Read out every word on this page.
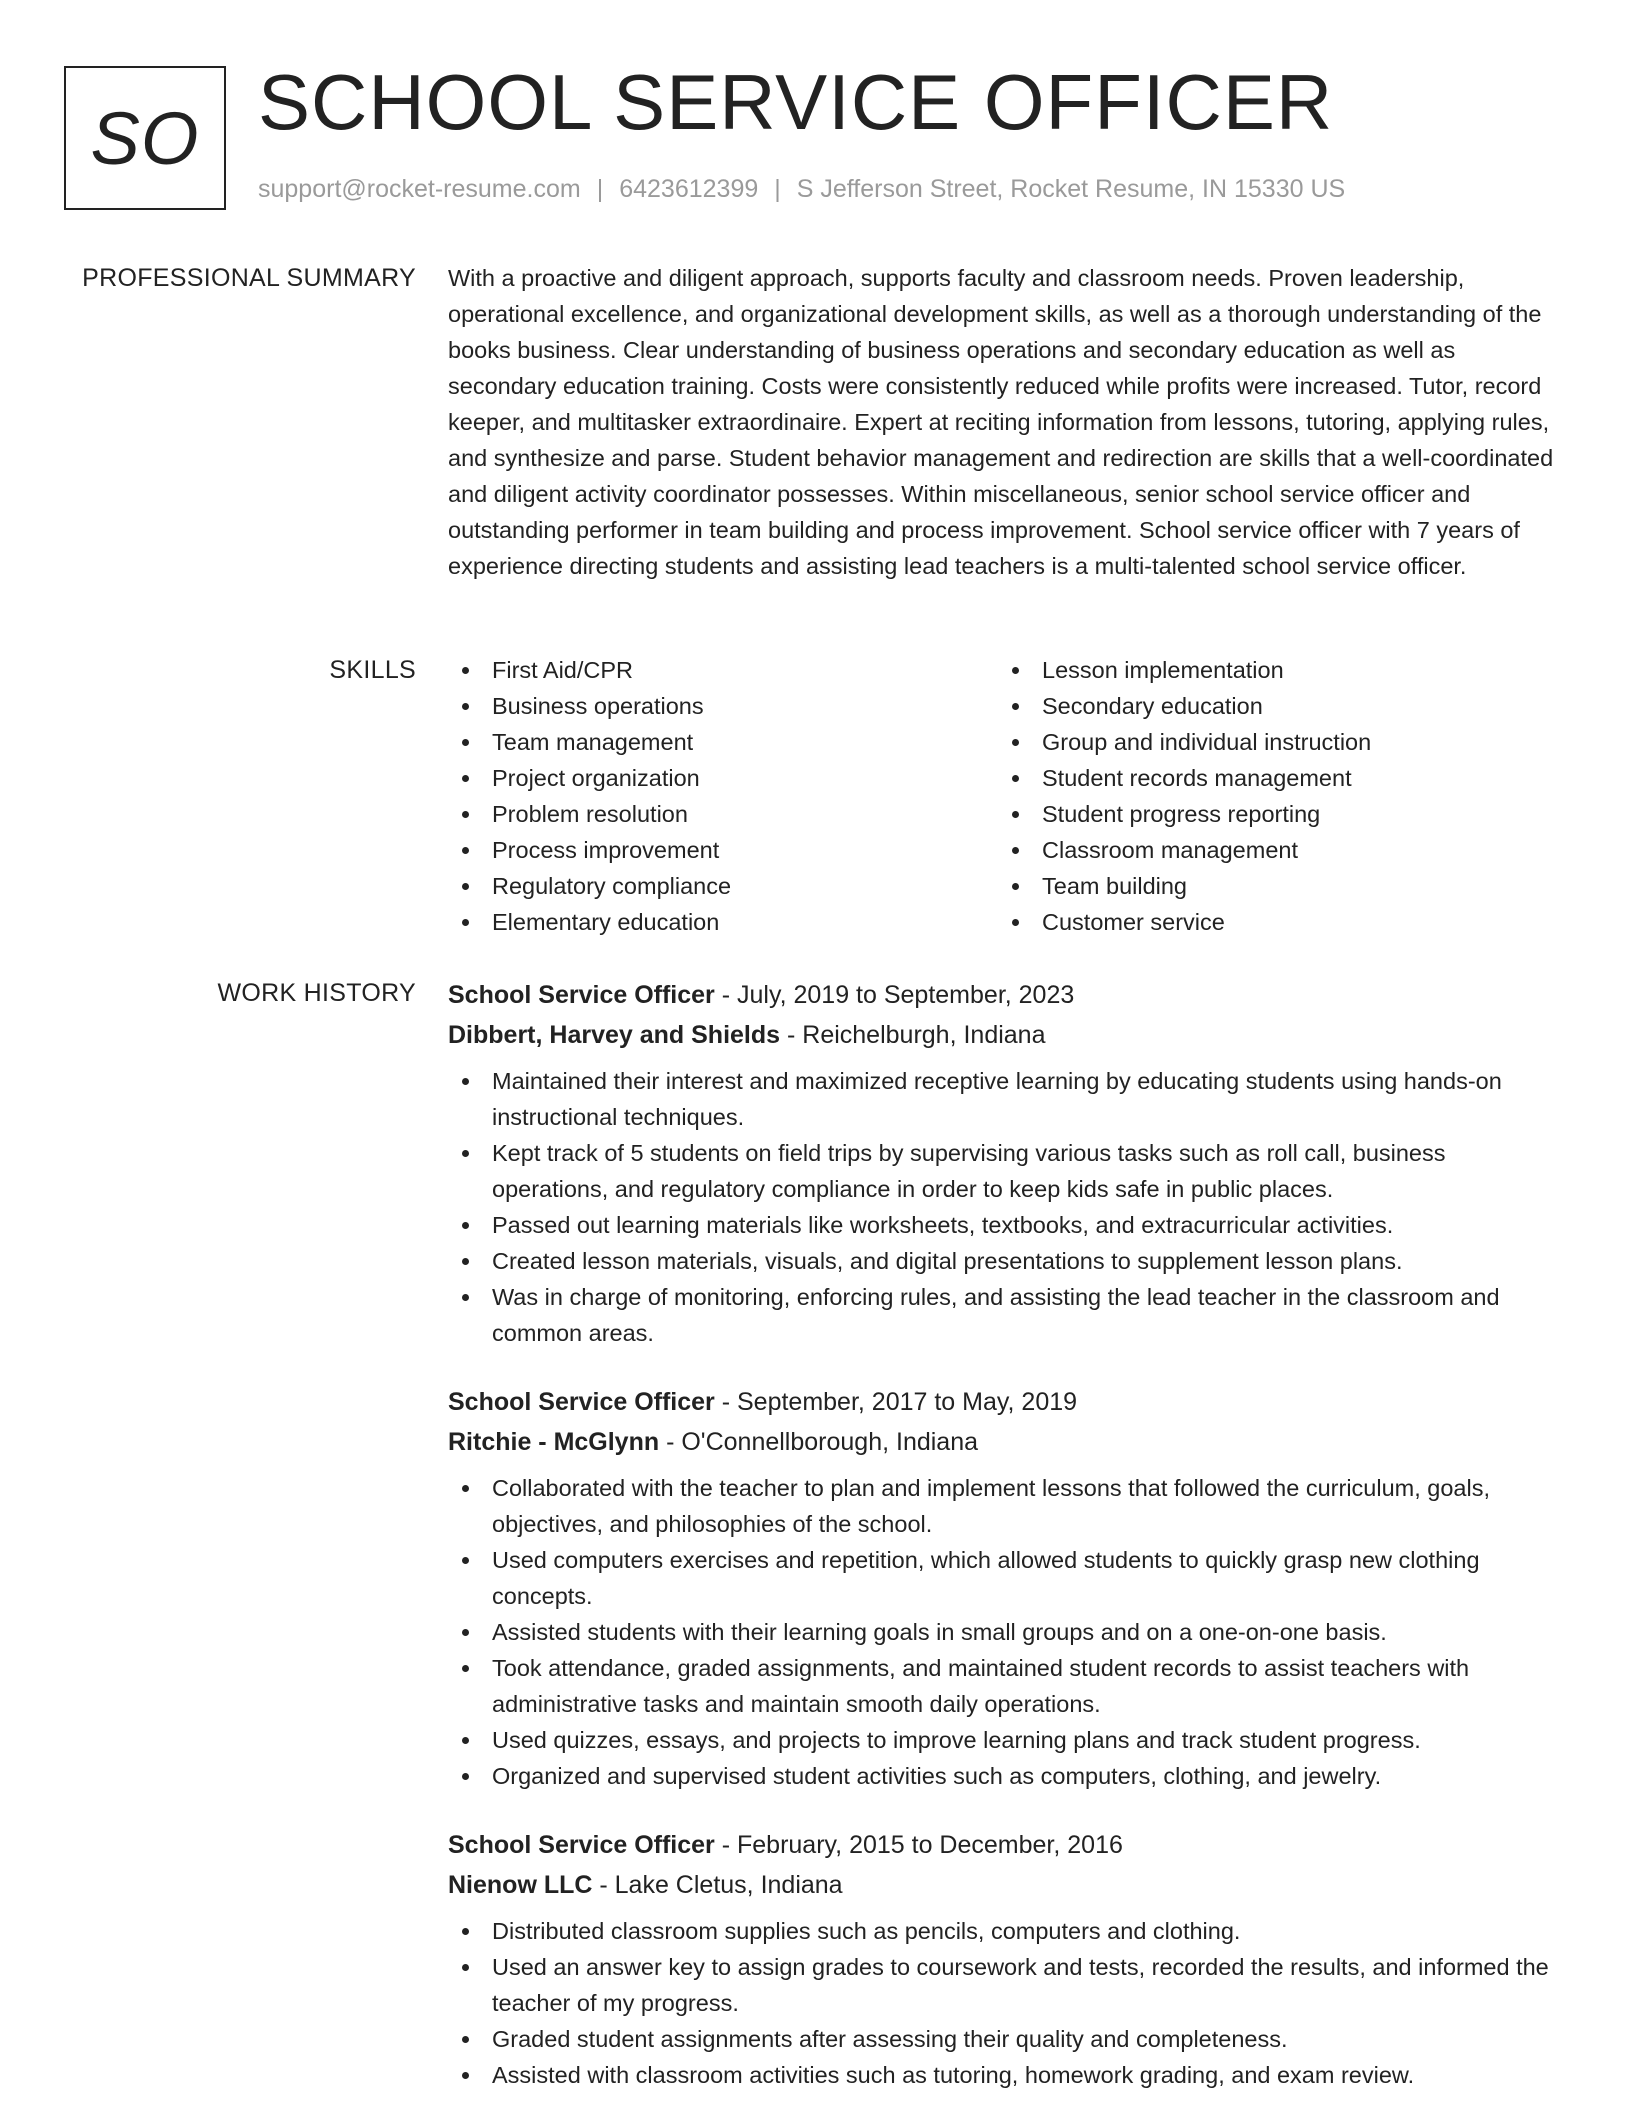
SO SCHOOL SERVICE OFFICER
support@rocket-resume.com | 6423612399 | S Jefferson Street, Rocket Resume, IN 15330 US
PROFESSIONAL SUMMARY With a proactive and diligent approach, supports faculty and classroom needs. Proven leadership, operational excellence, and organizational development skills, as well as a thorough understanding of the books business. Clear understanding of business operations and secondary education as well as secondary education training. Costs were consistently reduced while profits were increased. Tutor, record keeper, and multitasker extraordinaire. Expert at reciting information from lessons, tutoring, applying rules, and synthesize and parse. Student behavior management and redirection are skills that a well-coordinated and diligent activity coordinator possesses. Within miscellaneous, senior school service officer and outstanding performer in team building and process improvement. School service officer with 7 years of experience directing students and assisting lead teachers is a multi-talented school service officer.
SKILLS	First Aid/CPR
Business operations
Team management
Project organization
Problem resolution
Process improvement
Regulatory compliance
Elementary education
Lesson implementation
Secondary education
Group and individual instruction
Student records management
Student progress reporting
Classroom management
Team building
Customer service
WORK HISTORY School Service Officer - July, 2019 to September, 2023
Dibbert, Harvey and Shields - Reichelburgh, Indiana
Maintained their interest and maximized receptive learning by educating students using hands-on instructional techniques.
Kept track of 5 students on field trips by supervising various tasks such as roll call, business operations, and regulatory compliance in order to keep kids safe in public places.
Passed out learning materials like worksheets, textbooks, and extracurricular activities.
Created lesson materials, visuals, and digital presentations to supplement lesson plans.
Was in charge of monitoring, enforcing rules, and assisting the lead teacher in the classroom and common areas.
School Service Officer - September, 2017 to May, 2019
Ritchie - McGlynn - O'Connellborough, Indiana
Collaborated with the teacher to plan and implement lessons that followed the curriculum, goals, objectives, and philosophies of the school.
Used computers exercises and repetition, which allowed students to quickly grasp new clothing concepts.
Assisted students with their learning goals in small groups and on a one-on-one basis.
Took attendance, graded assignments, and maintained student records to assist teachers with administrative tasks and maintain smooth daily operations.
Used quizzes, essays, and projects to improve learning plans and track student progress.
Organized and supervised student activities such as computers, clothing, and jewelry.
School Service Officer - February, 2015 to December, 2016
Nienow LLC - Lake Cletus, Indiana
Distributed classroom supplies such as pencils, computers and clothing.
Used an answer key to assign grades to coursework and tests, recorded the results, and informed the teacher of my progress.
Graded student assignments after assessing their quality and completeness.
Assisted with classroom activities such as tutoring, homework grading, and exam review.
